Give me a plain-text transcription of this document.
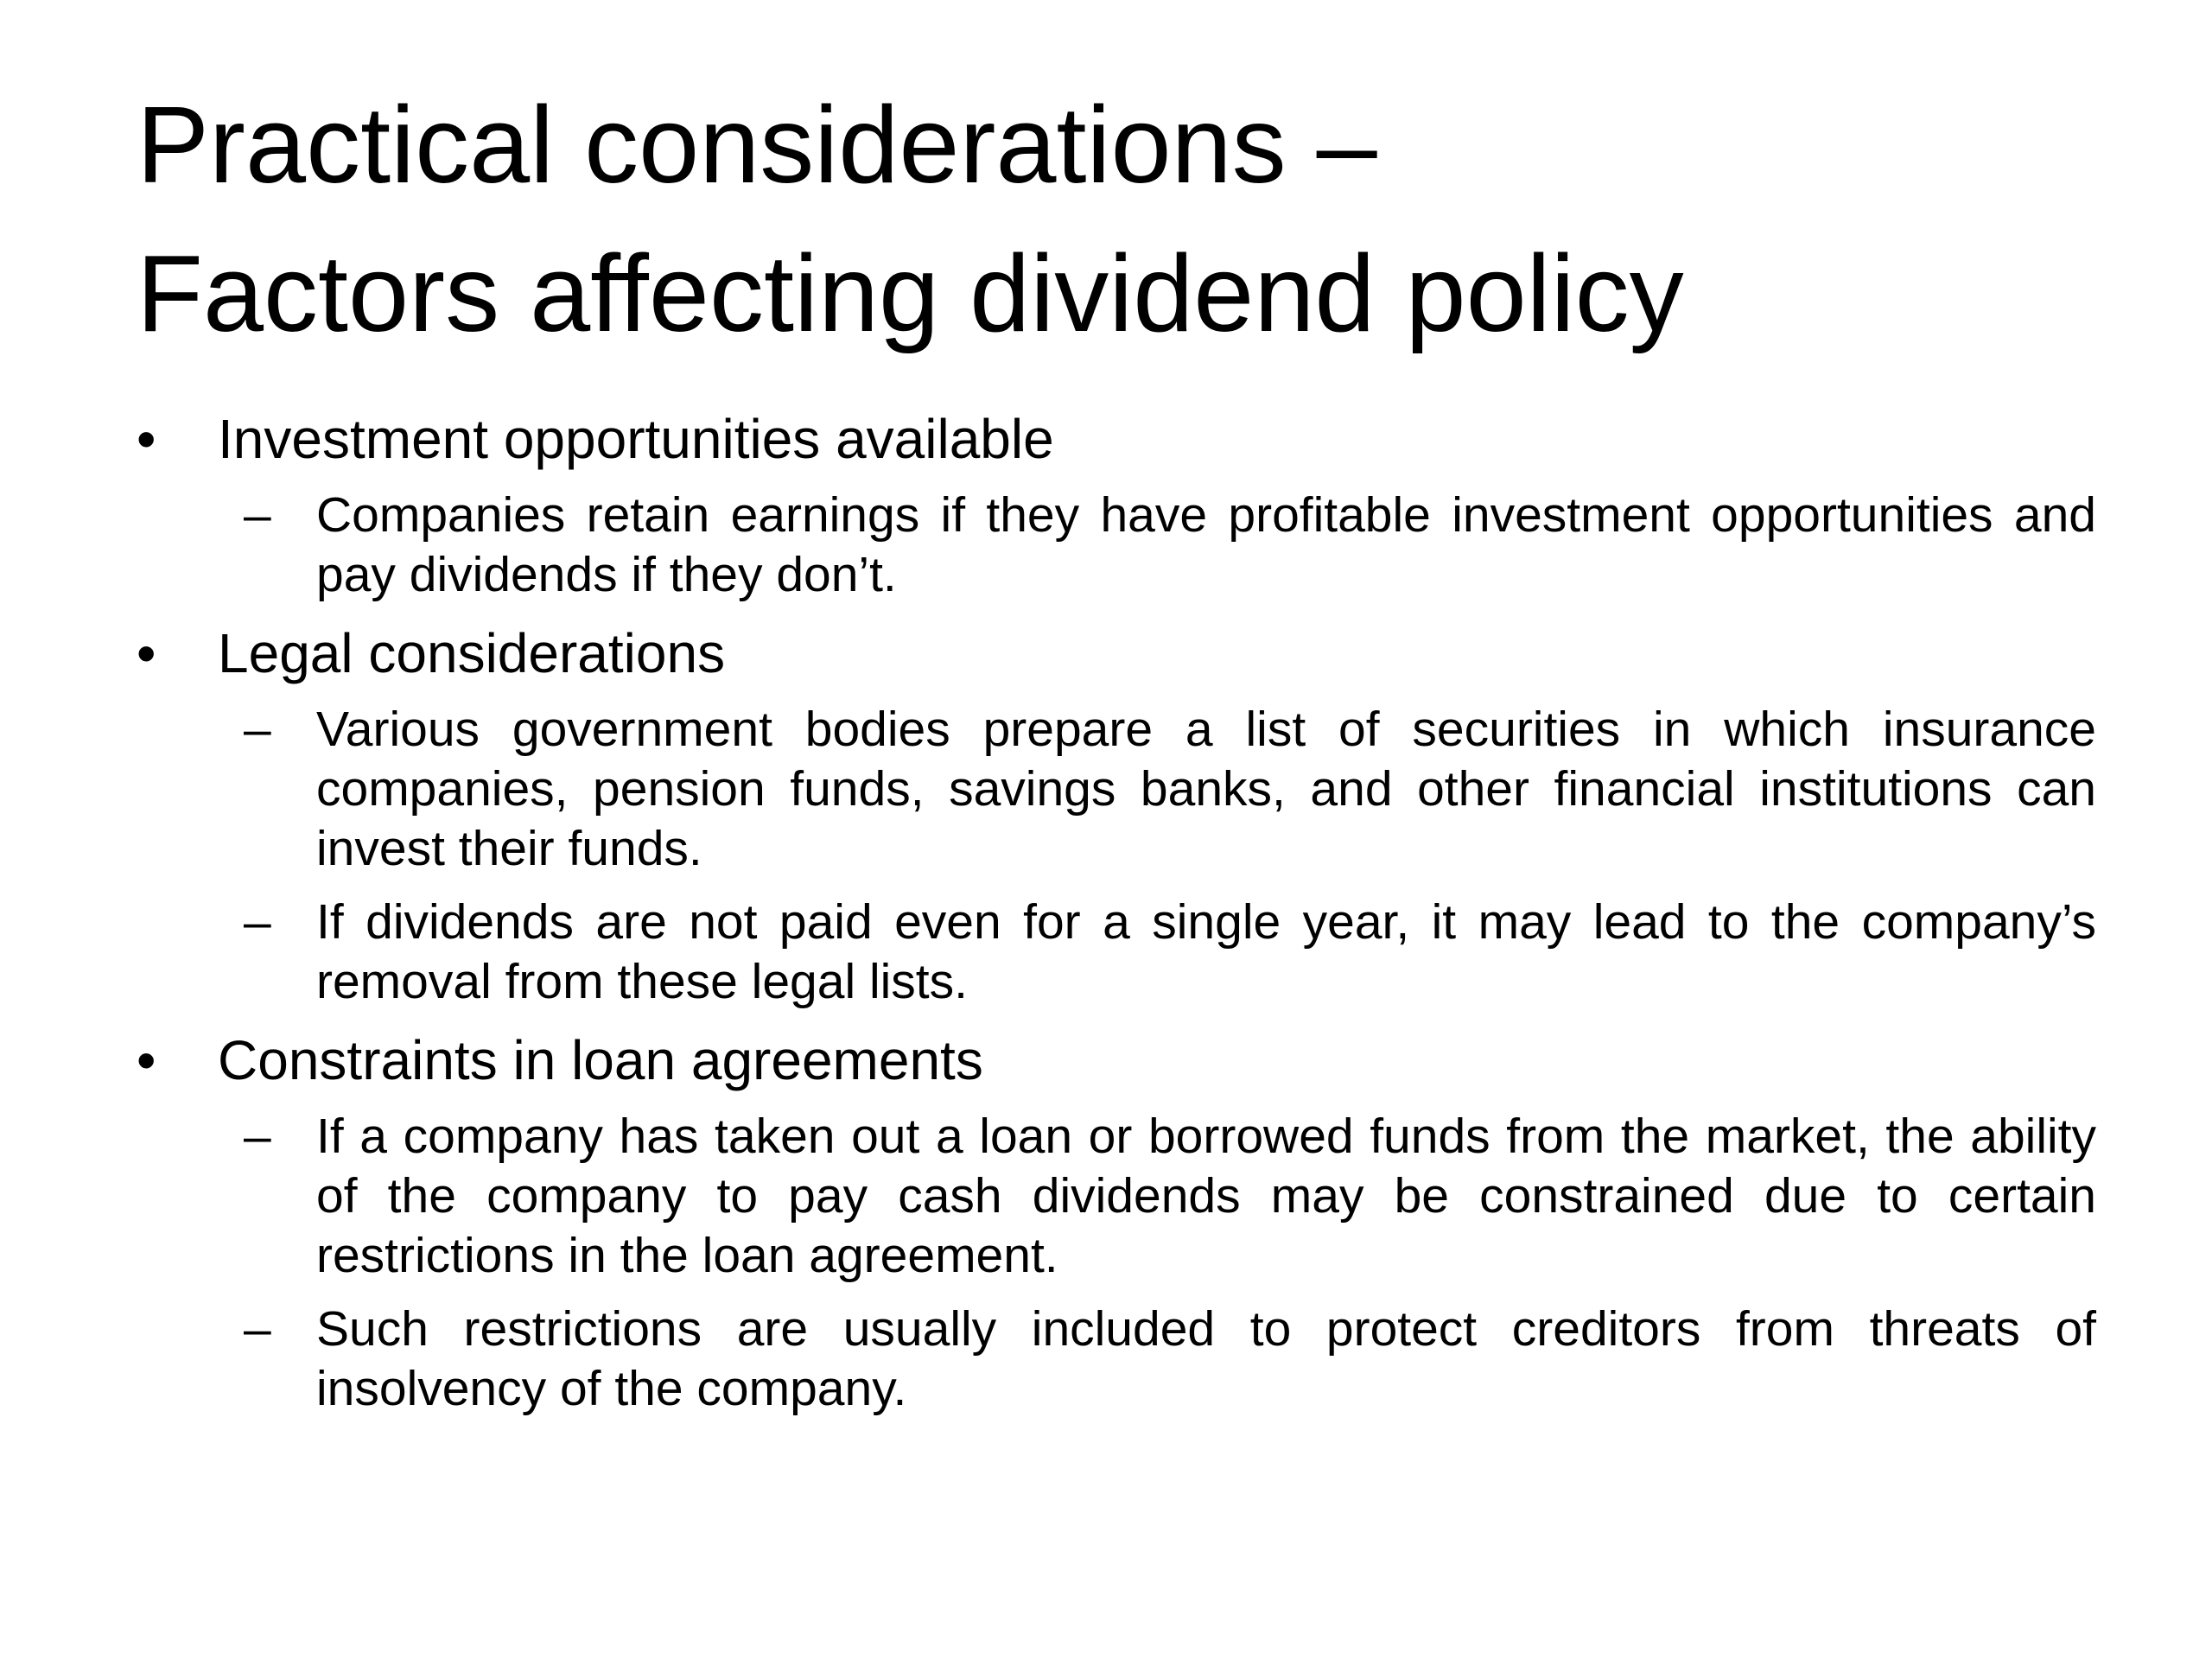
Practical considerations –
Factors affecting dividend policy
• Investment opportunities available
– Companies retain earnings if they have profitable investment opportunities and pay dividends if they don’t.
• Legal considerations
– Various government bodies prepare a list of securities in which insurance companies, pension funds, savings banks, and other financial institutions can invest their funds.
– If dividends are not paid even for a single year, it may lead to the company’s removal from these legal lists.
• Constraints in loan agreements
– If a company has taken out a loan or borrowed funds from the market, the ability of the company to pay cash dividends may be constrained due to certain restrictions in the loan agreement.
– Such restrictions are usually included to protect creditors from threats of insolvency of the company.
